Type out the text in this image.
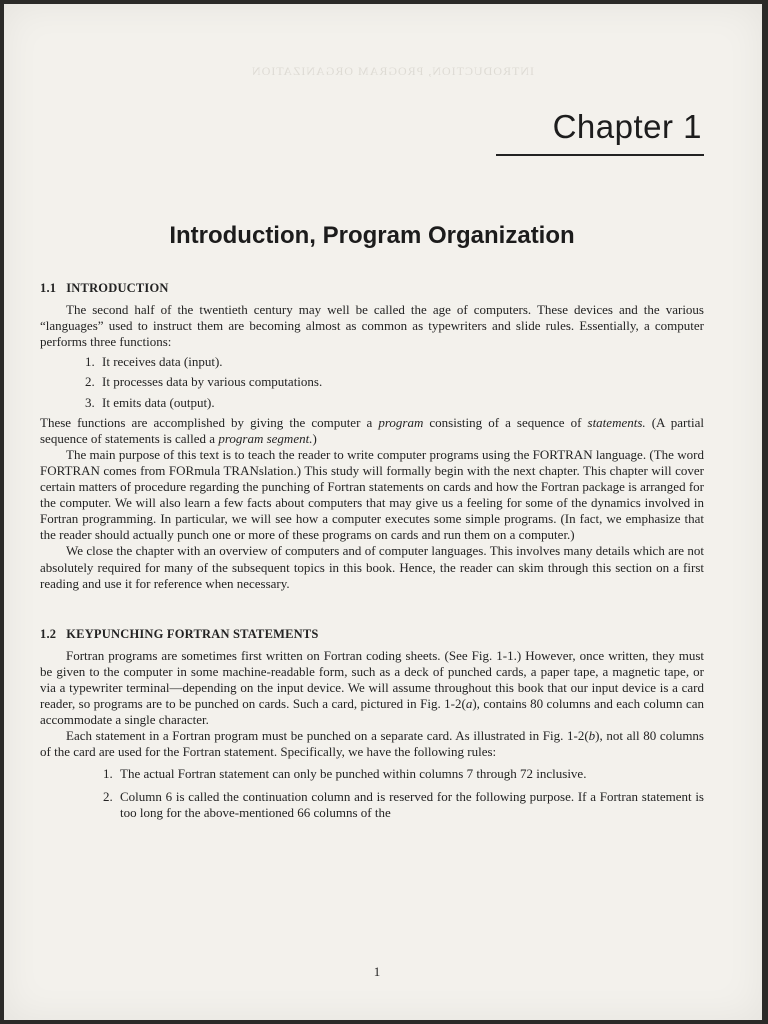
INTRODUCTION, PROGRAM ORGANIZATION
Chapter 1
Introduction, Program Organization
1.1 INTRODUCTION

The second half of the twentieth century may well be called the age of computers. These devices and the various “languages” used to instruct them are becoming almost as common as typewriters and slide rules. Essentially, a computer performs three functions:

1. It receives data (input).
2. It processes data by various computations.
3. It emits data (output).

These functions are accomplished by giving the computer a program consisting of a sequence of statements. (A partial sequence of statements is called a program segment.)

The main purpose of this text is to teach the reader to write computer programs using the FORTRAN language. (The word FORTRAN comes from FORmula TRANslation.) This study will formally begin with the next chapter. This chapter will cover certain matters of procedure regarding the punching of Fortran statements on cards and how the Fortran package is arranged for the computer. We will also learn a few facts about computers that may give us a feeling for some of the dynamics involved in Fortran programming. In particular, we will see how a computer executes some simple programs. (In fact, we emphasize that the reader should actually punch one or more of these programs on cards and run them on a computer.)

We close the chapter with an overview of computers and of computer languages. This involves many details which are not absolutely required for many of the subsequent topics in this book. Hence, the reader can skim through this section on a first reading and use it for reference when necessary.

1.2 KEYPUNCHING FORTRAN STATEMENTS

Fortran programs are sometimes first written on Fortran coding sheets. (See Fig. 1-1.) However, once written, they must be given to the computer in some machine-readable form, such as a deck of punched cards, a paper tape, a magnetic tape, or via a typewriter terminal—depending on the input device. We will assume throughout this book that our input device is a card reader, so programs are to be punched on cards. Such a card, pictured in Fig. 1-2(a), contains 80 columns and each column can accommodate a single character.

Each statement in a Fortran program must be punched on a separate card. As illustrated in Fig. 1-2(b), not all 80 columns of the card are used for the Fortran statement. Specifically, we have the following rules:

1. The actual Fortran statement can only be punched within columns 7 through 72 inclusive.
2. Column 6 is called the continuation column and is reserved for the following purpose. If a Fortran statement is too long for the above-mentioned 66 columns of the
1
